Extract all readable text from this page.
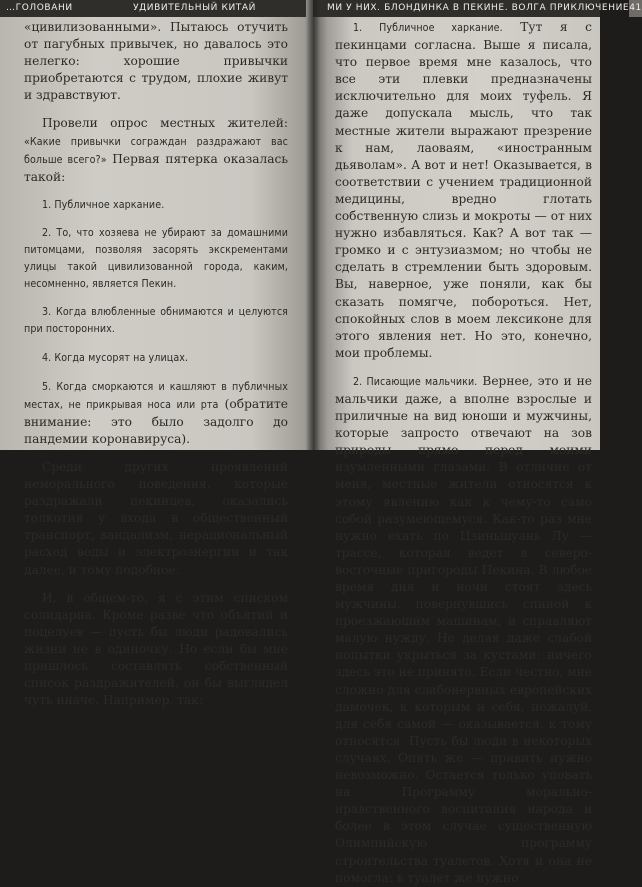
…ГОЛОВАНИ	УДИВИТЕЛЬНЫЙ КИТАЙ

«цивилизованными». Пытаюсь отучить от пагубных привычек, но давалось это нелегко: хорошие привычки приобретаются с трудом, плохие живут и здравствуют.

Провели опрос местных жителей: «Какие привычки сограждан раздражают вас больше всего?» Первая пятерка оказалась такой:

1. Публичное харкание.

2. То, что хозяева не убирают за домашними питомцами, позволяя засорять экскрементами улицы такой цивилизованной города, каким, несомненно, является Пекин.

3. Когда влюбленные обнимаются и целуются при посторонних.

4. Когда мусорят на улицах.

5. Когда сморкаются и кашляют в публичных местах, не прикрывая носа или рта (обратите внимание: это было задолго до пандемии коронавируса).

Среди других проявлений неморального поведения, которые раздражали пекинцев, оказались толкотня у входа в общественный транспорт, вандализм, нерациональный расход воды и электроэнергии и так далее, и тому подобное.

И, в общем-то, я с этим списком солидарна. Кроме разве что объятий и поцелуев — пусть бы люди радовались жизни не в одиночку. Но если бы мне пришлось составлять собственный список раздражителей, он бы выглядел чуть иначе. Например, так:

МИ У НИХ. БЛОНДИНКА В ПЕКИНЕ. ВОЛГА ПРИКЛЮЧЕНИЕ 41

1. Публичное харкание. Тут я с пекинцами согласна. Выше я писала, что первое время мне казалось, что все эти плевки предназначены исключительно для моих туфель. Я даже допускала мысль, что так местные жители выражают презрение к нам, лаоваям, «иностранным дьяволам». А вот и нет! Оказывается, в соответствии с учением традиционной медицины, вредно глотать собственную слизь и мокроты — от них нужно избавляться. Как? А вот так — громко и с энтузиазмом; но чтобы не сделать в стремлении быть здоровым. Вы, наверное, уже поняли, как бы сказать помягче, побороться. Нет, спокойных слов в моем лексиконе для этого явления нет. Но это, конечно, мои проблемы.

2. Писающие мальчики. Вернее, это и не мальчики даже, а вполне взрослые и приличные на вид юноши и мужчины, которые запросто отвечают на зов природы прямо перед моими изумленными глазами. В отличие от меня, местные жители относятся к этому явлению как к чему-то само собой разумеющемуся. Как-то раз мне нужно ехать по Цзиньшуань Лу — трассе, которая ведет в северо-восточные пригороды Пекина. В любое время дня и ночи стоят здесь мужчины, повернувшись спиной к проезжающим машинам, и справляют малую нужду. Не делая даже слабой попытки укрыться за кустами: ничего здесь это не принято. Если честно, мне сложно для слабонервных европейских дамочек, к которым и себя, пожалуй, для себя самой — оказывается, к тому относятся. Пусть бы люди в некоторых случаях. Опять же — привить нужно невозможно. Остается только уповать на Программу морально-нравственного воспитания народа и более в этом случае существенную Олимпийскую программу строительства туалетов. Хотя и она не помогла: в туалет же нужно
